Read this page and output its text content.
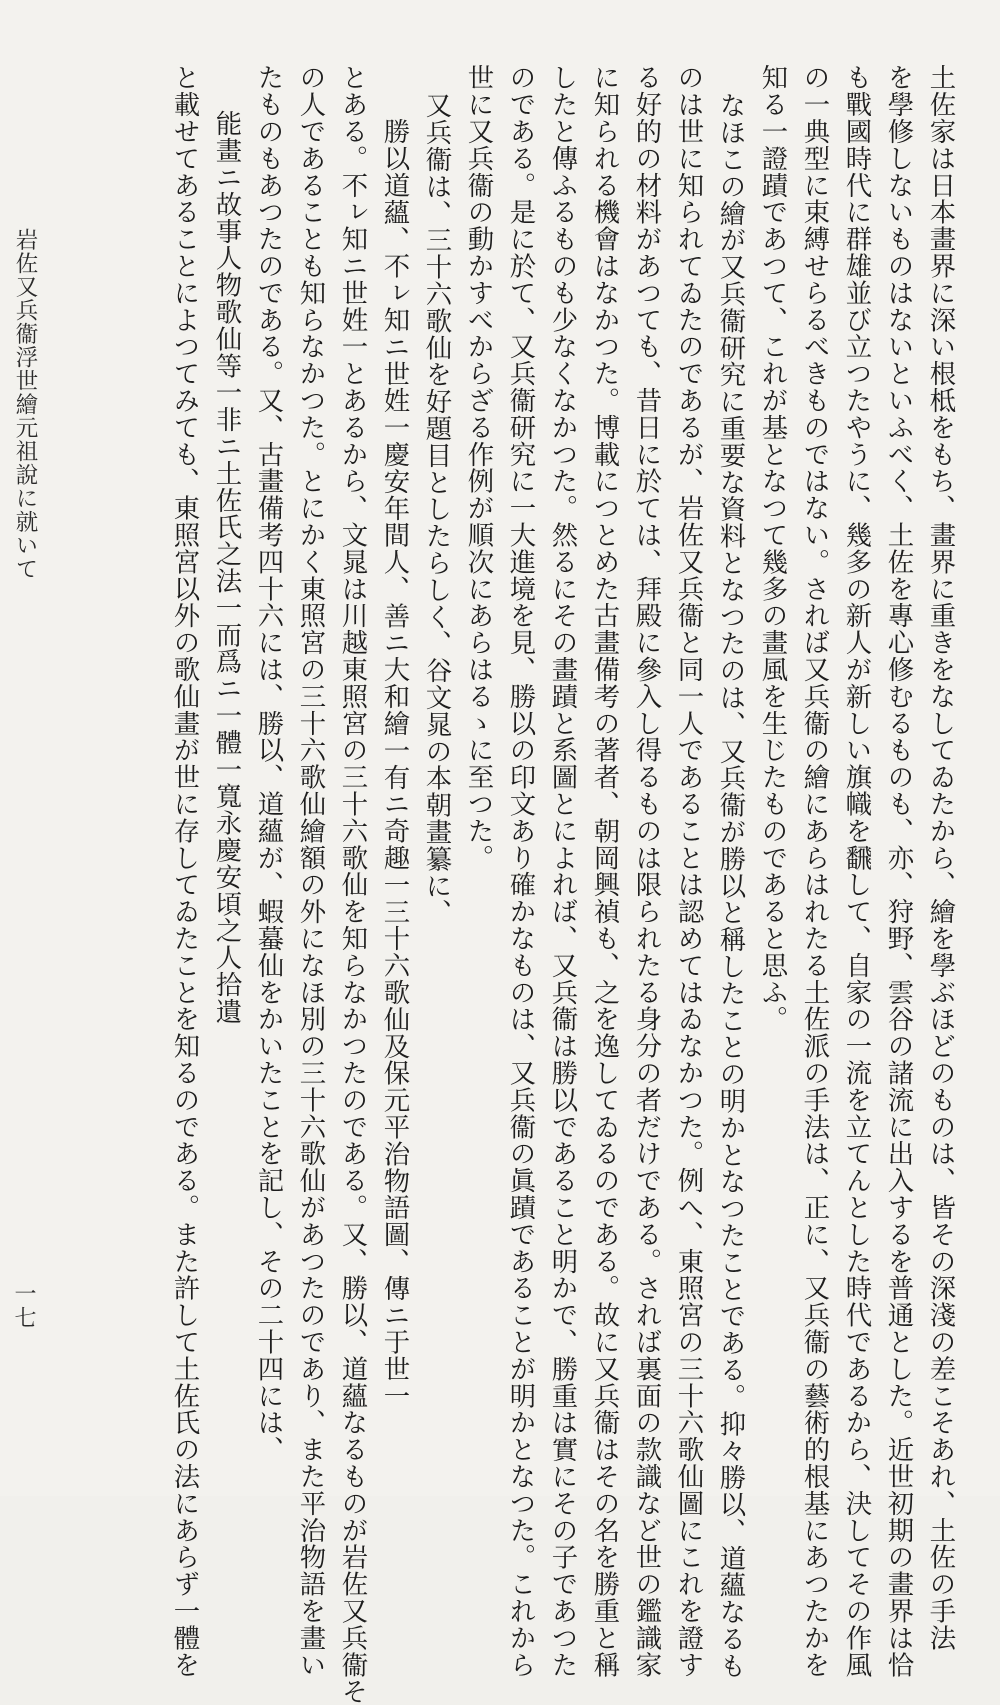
土佐家は日本畫界に深い根柢をもち、畫界に重きをなしてゐたから、繪を學ぶほどのものは、皆その深淺の差こそあれ、土佐の手法
を學修しないものはないといふべく、土佐を專心修むるものも、亦、狩野、雲谷の諸流に出入するを普通とした。近世初期の畫界は恰
も戰國時代に群雄並び立つたやうに、幾多の新人が新しい旗幟を飜して、自家の一流を立てんとした時代であるから、決してその作風
の一典型に束縛せらるべきものではない。されば又兵衞の繪にあらはれたる土佐派の手法は、正に、又兵衞の藝術的根基にあつたかを
知る一證蹟であつて、これが基となつて幾多の畫風を生じたものであると思ふ。
なほこの繪が又兵衞研究に重要な資料となつたのは、又兵衞が勝以と稱したことの明かとなつたことである。抑々勝以、道蘊なるも
のは世に知られてゐたのであるが、岩佐又兵衞と同一人であることは認めてはゐなかつた。例へ、東照宮の三十六歌仙圖にこれを證す
る好的の材料があつても、昔日に於ては、拜殿に參入し得るものは限られたる身分の者だけである。されば裏面の款識など世の鑑識家
に知られる機會はなかつた。博載につとめた古畫備考の著者、朝岡興禎も、之を逸してゐるのである。故に又兵衞はその名を勝重と稱
したと傳ふるものも少なくなかつた。然るにその畫蹟と系圖とによれば、又兵衞は勝以であること明かで、勝重は實にその子であつた
のである。是に於て、又兵衞研究に一大進境を見、勝以の印文あり確かなものは、又兵衞の眞蹟であることが明かとなつた。これから
世に又兵衞の動かすべからざる作例が順次にあらはるゝに至つた。
又兵衞は、三十六歌仙を好題目としたらしく、谷文晁の本朝畫纂に、
勝以道蘊、不ㇾ知ニ世姓一慶安年間人、善ニ大和繪一有ニ奇趣一三十六歌仙及保元平治物語圖、傳ニ于世一
とある。不ㇾ知ニ世姓一とあるから、文晁は川越東照宮の三十六歌仙を知らなかつたのである。又、勝以、道蘊なるものが岩佐又兵衞そ
の人であることも知らなかつた。とにかく東照宮の三十六歌仙繪額の外になほ別の三十六歌仙があつたのであり、また平治物語を畫い
たものもあつたのである。又、古畫備考四十六には、勝以、道蘊が、蝦蟇仙をかいたことを記し、その二十四には、
能畫ニ故事人物歌仙等一非ニ土佐氏之法一而爲ニ一體一寬永慶安頃之人拾遺
と載せてあることによつてみても、東照宮以外の歌仙畫が世に存してゐたことを知るのである。また許して土佐氏の法にあらず一體を
岩佐又兵衞浮世繪元祖說に就いて
一七
